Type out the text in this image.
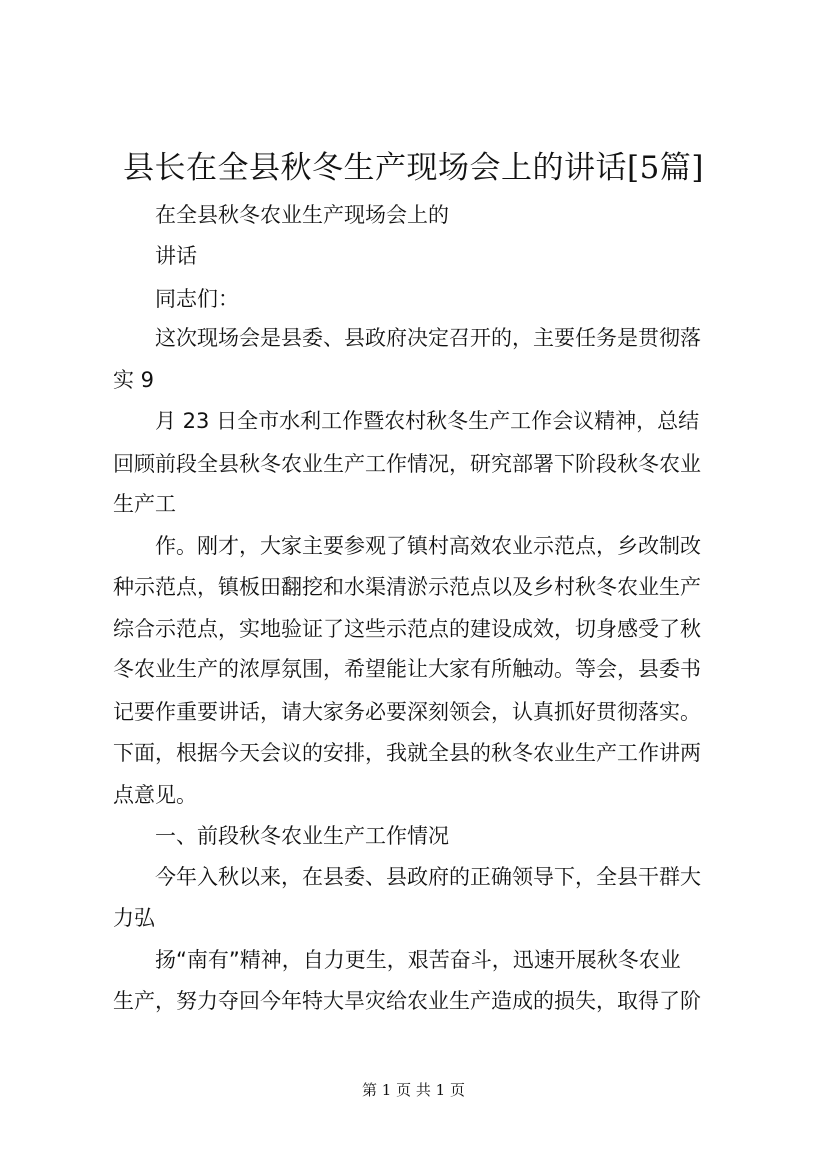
县长在全县秋冬生产现场会上的讲话[5篇]
在全县秋冬农业生产现场会上的
讲话
同志们：
这次现场会是县委、县政府决定召开的，主要任务是贯彻落
实 9
月 23 日全市水利工作暨农村秋冬生产工作会议精神，总结
回顾前段全县秋冬农业生产工作情况，研究部署下阶段秋冬农业
生产工
作。刚才，大家主要参观了镇村高效农业示范点，乡改制改
种示范点，镇板田翻挖和水渠清淤示范点以及乡村秋冬农业生产
综合示范点，实地验证了这些示范点的建设成效，切身感受了秋
冬农业生产的浓厚氛围，希望能让大家有所触动。等会，县委书
记要作重要讲话，请大家务必要深刻领会，认真抓好贯彻落实。
下面，根据今天会议的安排，我就全县的秋冬农业生产工作讲两
点意见。
一、前段秋冬农业生产工作情况
今年入秋以来，在县委、县政府的正确领导下，全县干群大
力弘
扬“南有”精神，自力更生，艰苦奋斗，迅速开展秋冬农业
生产，努力夺回今年特大旱灾给农业生产造成的损失，取得了阶
第 1 页 共 1 页
